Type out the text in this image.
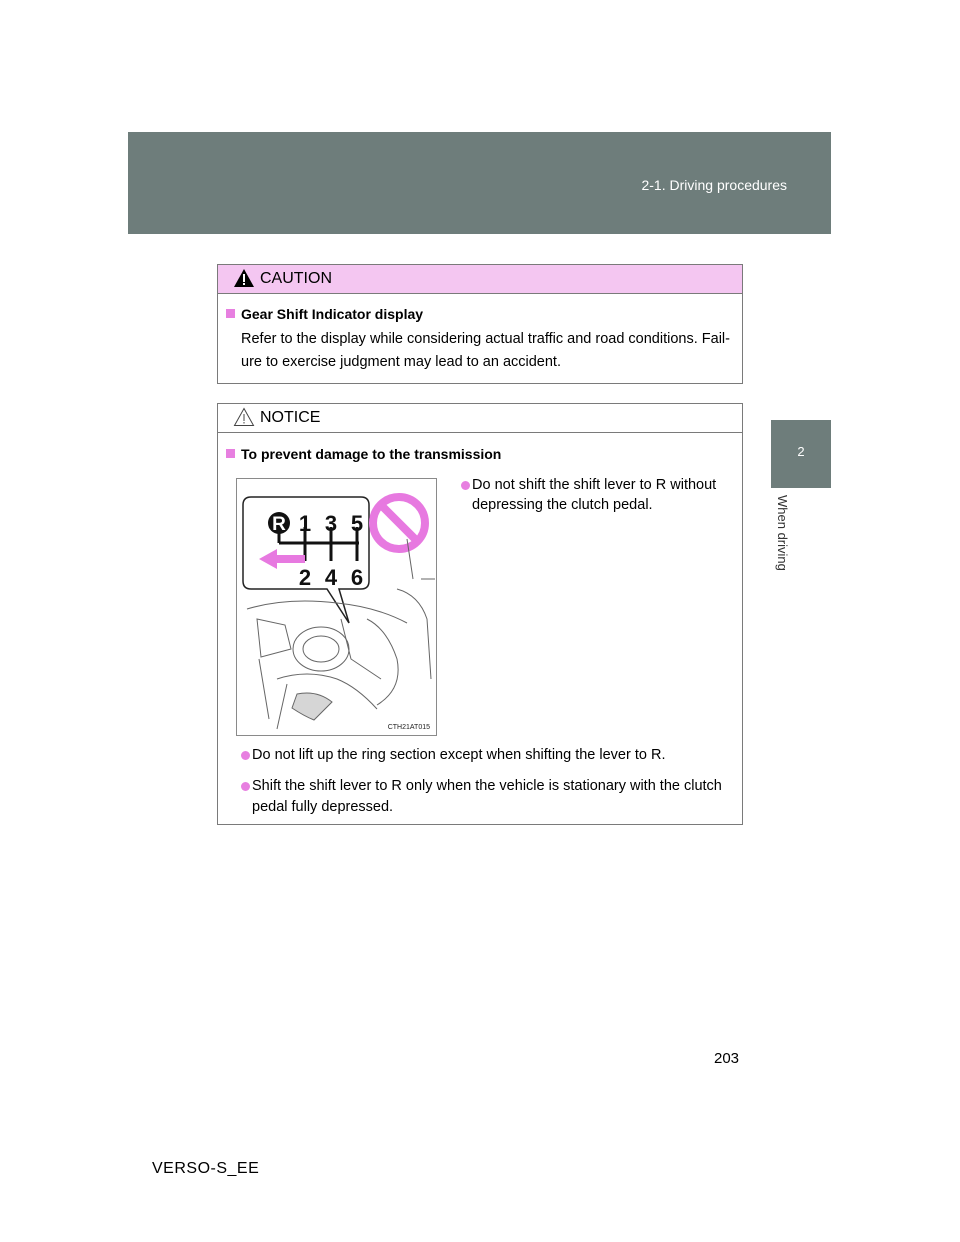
2-1. Driving procedures
2
When driving
CAUTION
Gear Shift Indicator display
Refer to the display while considering actual traffic and road conditions. Fail-
ure to exercise judgment may lead to an accident.
NOTICE
To prevent damage to the transmission
Do not shift the shift lever to R without
depressing the clutch pedal.
Do not lift up the ring section except when shifting the lever to R.
Shift the shift lever to R only when the vehicle is stationary with the clutch
pedal fully depressed.
R 1 3 5
2 4 6
CTH21AT015
203
VERSO-S_EE
